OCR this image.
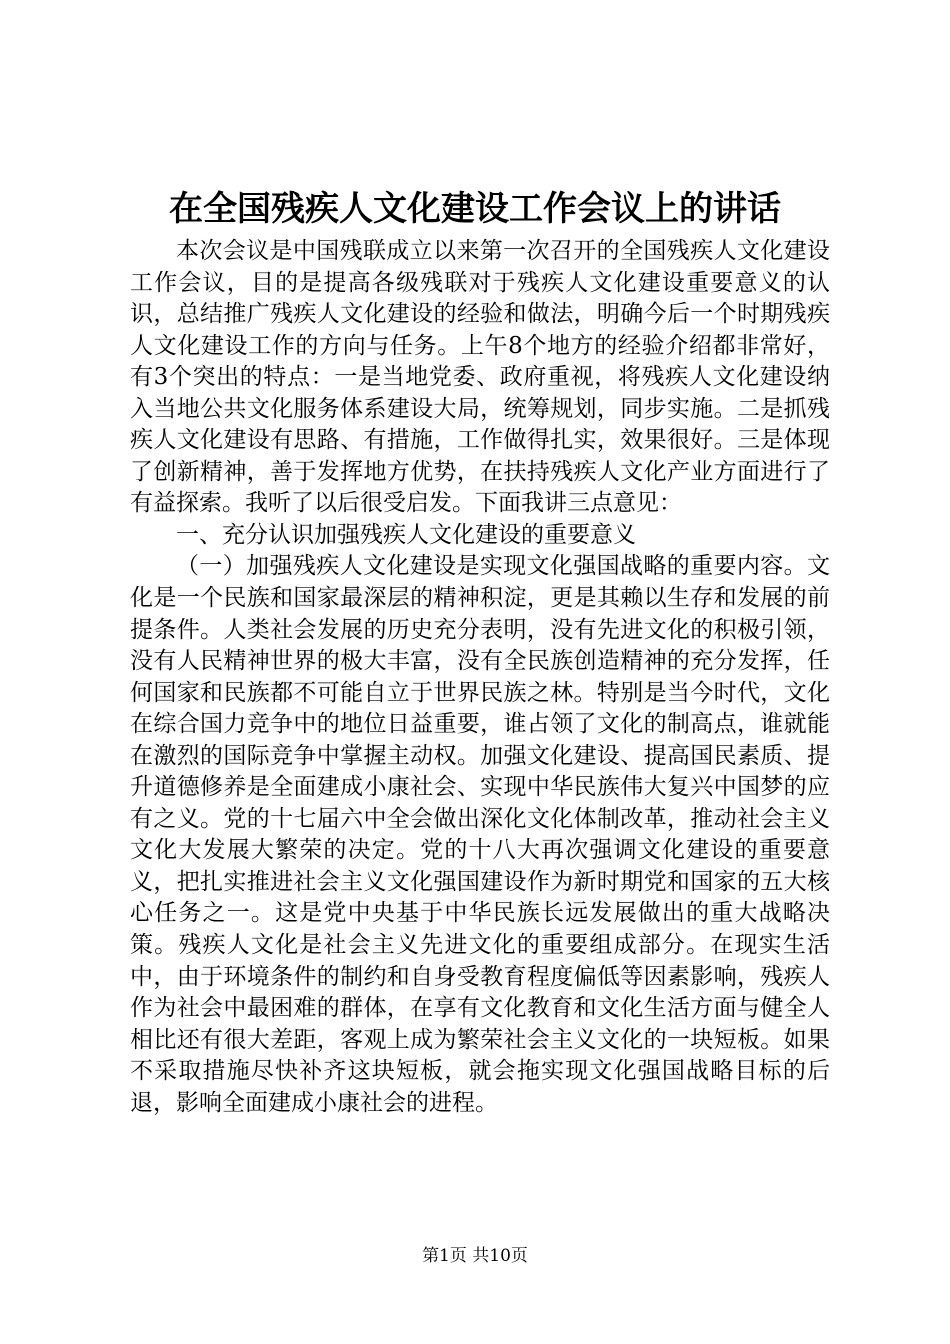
在全国残疾人文化建设工作会议上的讲话

本次会议是中国残联成立以来第一次召开的全国残疾人文化建设工作会议，目的是提高各级残联对于残疾人文化建设重要意义的认识，总结推广残疾人文化建设的经验和做法，明确今后一个时期残疾人文化建设工作的方向与任务。上午8个地方的经验介绍都非常好，有3个突出的特点：一是当地党委、政府重视，将残疾人文化建设纳入当地公共文化服务体系建设大局，统筹规划，同步实施。二是抓残疾人文化建设有思路、有措施，工作做得扎实，效果很好。三是体现了创新精神，善于发挥地方优势，在扶持残疾人文化产业方面进行了有益探索。我听了以后很受启发。下面我讲三点意见：

一、充分认识加强残疾人文化建设的重要意义

（一）加强残疾人文化建设是实现文化强国战略的重要内容。文化是一个民族和国家最深层的精神积淀，更是其赖以生存和发展的前提条件。人类社会发展的历史充分表明，没有先进文化的积极引领，没有人民精神世界的极大丰富，没有全民族创造精神的充分发挥，任何国家和民族都不可能自立于世界民族之林。特别是当今时代，文化在综合国力竞争中的地位日益重要，谁占领了文化的制高点，谁就能在激烈的国际竞争中掌握主动权。加强文化建设、提高国民素质、提升道德修养是全面建成小康社会、实现中华民族伟大复兴中国梦的应有之义。党的十七届六中全会做出深化文化体制改革，推动社会主义文化大发展大繁荣的决定。党的十八大再次强调文化建设的重要意义，把扎实推进社会主义文化强国建设作为新时期党和国家的五大核心任务之一。这是党中央基于中华民族长远发展做出的重大战略决策。残疾人文化是社会主义先进文化的重要组成部分。在现实生活中，由于环境条件的制约和自身受教育程度偏低等因素影响，残疾人作为社会中最困难的群体，在享有文化教育和文化生活方面与健全人相比还有很大差距，客观上成为繁荣社会主义文化的一块短板。如果不采取措施尽快补齐这块短板，就会拖实现文化强国战略目标的后退，影响全面建成小康社会的进程。

第1页 共10页
